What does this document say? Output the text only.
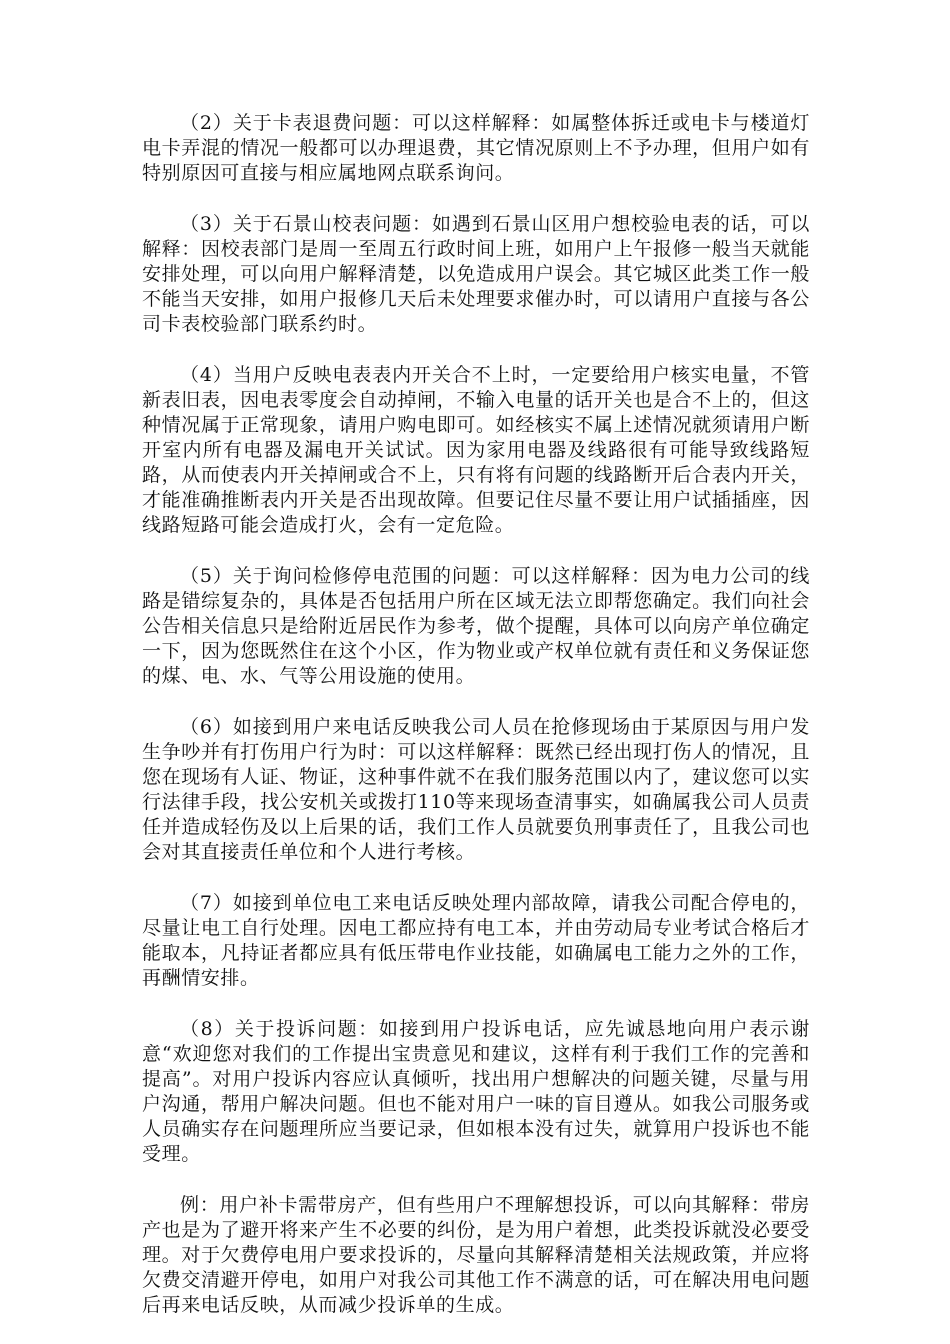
（2）关于卡表退费问题：可以这样解释：如属整体拆迁或电卡与楼道灯电卡弄混的情况一般都可以办理退费，其它情况原则上不予办理，但用户如有特别原因可直接与相应属地网点联系询问。

（3）关于石景山校表问题：如遇到石景山区用户想校验电表的话，可以解释：因校表部门是周一至周五行政时间上班，如用户上午报修一般当天就能安排处理，可以向用户解释清楚，以免造成用户误会。其它城区此类工作一般不能当天安排，如用户报修几天后未处理要求催办时，可以请用户直接与各公司卡表校验部门联系约时。

（4）当用户反映电表表内开关合不上时，一定要给用户核实电量，不管新表旧表，因电表零度会自动掉闸，不输入电量的话开关也是合不上的，但这种情况属于正常现象，请用户购电即可。如经核实不属上述情况就须请用户断开室内所有电器及漏电开关试试。因为家用电器及线路很有可能导致线路短路，从而使表内开关掉闸或合不上，只有将有问题的线路断开后合表内开关，才能准确推断表内开关是否出现故障。但要记住尽量不要让用户试插插座，因线路短路可能会造成打火，会有一定危险。

（5）关于询问检修停电范围的问题：可以这样解释：因为电力公司的线路是错综复杂的，具体是否包括用户所在区域无法立即帮您确定。我们向社会公告相关信息只是给附近居民作为参考，做个提醒，具体可以向房产单位确定一下，因为您既然住在这个小区，作为物业或产权单位就有责任和义务保证您的煤、电、水、气等公用设施的使用。

（6）如接到用户来电话反映我公司人员在抢修现场由于某原因与用户发生争吵并有打伤用户行为时：可以这样解释：既然已经出现打伤人的情况，且您在现场有人证、物证，这种事件就不在我们服务范围以内了，建议您可以实行法律手段，找公安机关或拨打110等来现场查清事实，如确属我公司人员责任并造成轻伤及以上后果的话，我们工作人员就要负刑事责任了，且我公司也会对其直接责任单位和个人进行考核。

（7）如接到单位电工来电话反映处理内部故障，请我公司配合停电的，尽量让电工自行处理。因电工都应持有电工本，并由劳动局专业考试合格后才能取本，凡持证者都应具有低压带电作业技能，如确属电工能力之外的工作，再酬情安排。

（8）关于投诉问题：如接到用户投诉电话，应先诚恳地向用户表示谢意“欢迎您对我们的工作提出宝贵意见和建议，这样有利于我们工作的完善和提高”。对用户投诉内容应认真倾听，找出用户想解决的问题关键，尽量与用户沟通，帮用户解决问题。但也不能对用户一味的盲目遵从。如我公司服务或人员确实存在问题理所应当要记录，但如根本没有过失，就算用户投诉也不能受理。

例：用户补卡需带房产，但有些用户不理解想投诉，可以向其解释：带房产也是为了避开将来产生不必要的纠份，是为用户着想，此类投诉就没必要受理。对于欠费停电用户要求投诉的，尽量向其解释清楚相关法规政策，并应将欠费交清避开停电，如用户对我公司其他工作不满意的话，可在解决用电问题后再来电话反映，从而减少投诉单的生成。
